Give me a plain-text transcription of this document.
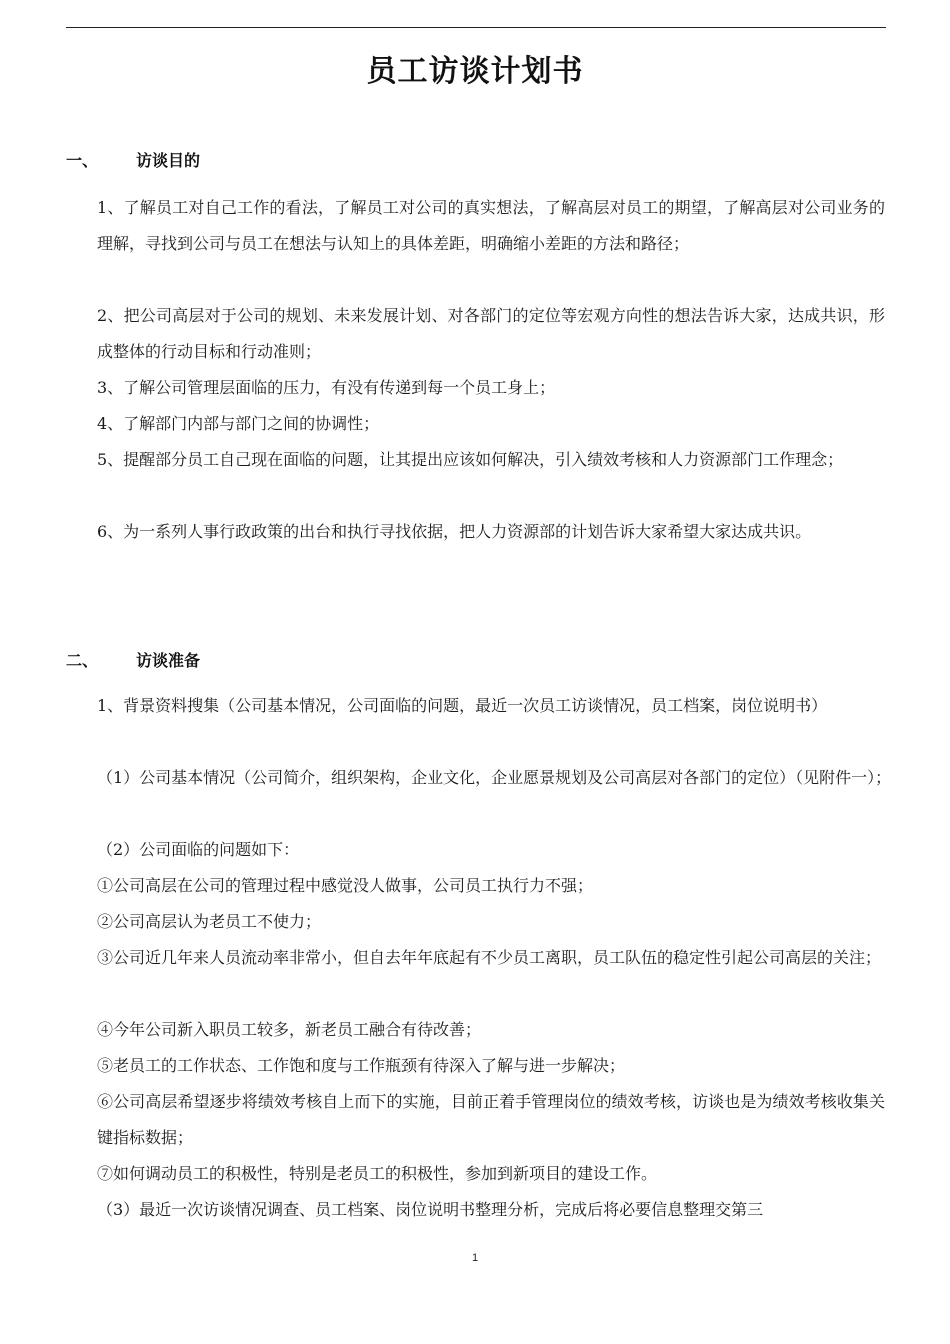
员工访谈计划书
一、 访谈目的
1、了解员工对自己工作的看法，了解员工对公司的真实想法，了解高层对员工的期望，了解高层对公司业务的理解，寻找到公司与员工在想法与认知上的具体差距，明确缩小差距的方法和路径；
2、把公司高层对于公司的规划、未来发展计划、对各部门的定位等宏观方向性的想法告诉大家，达成共识，形成整体的行动目标和行动准则；
3、了解公司管理层面临的压力，有没有传递到每一个员工身上；
4、了解部门内部与部门之间的协调性；
5、提醒部分员工自己现在面临的问题，让其提出应该如何解决，引入绩效考核和人力资源部门工作理念；
6、为一系列人事行政政策的出台和执行寻找依据，把人力资源部的计划告诉大家希望大家达成共识。
二、 访谈准备
1、背景资料搜集（公司基本情况，公司面临的问题，最近一次员工访谈情况，员工档案，岗位说明书）
（1）公司基本情况（公司简介，组织架构，企业文化，企业愿景规划及公司高层对各部门的定位）（见附件一）；
（2）公司面临的问题如下：
①公司高层在公司的管理过程中感觉没人做事，公司员工执行力不强；
②公司高层认为老员工不使力；
③公司近几年来人员流动率非常小，但自去年年底起有不少员工离职，员工队伍的稳定性引起公司高层的关注；
④今年公司新入职员工较多，新老员工融合有待改善；
⑤老员工的工作状态、工作饱和度与工作瓶颈有待深入了解与进一步解决；
⑥公司高层希望逐步将绩效考核自上而下的实施，目前正着手管理岗位的绩效考核，访谈也是为绩效考核收集关键指标数据；
⑦如何调动员工的积极性，特别是老员工的积极性，参加到新项目的建设工作。
（3）最近一次访谈情况调查、员工档案、岗位说明书整理分析，完成后将必要信息整理交第三
1
